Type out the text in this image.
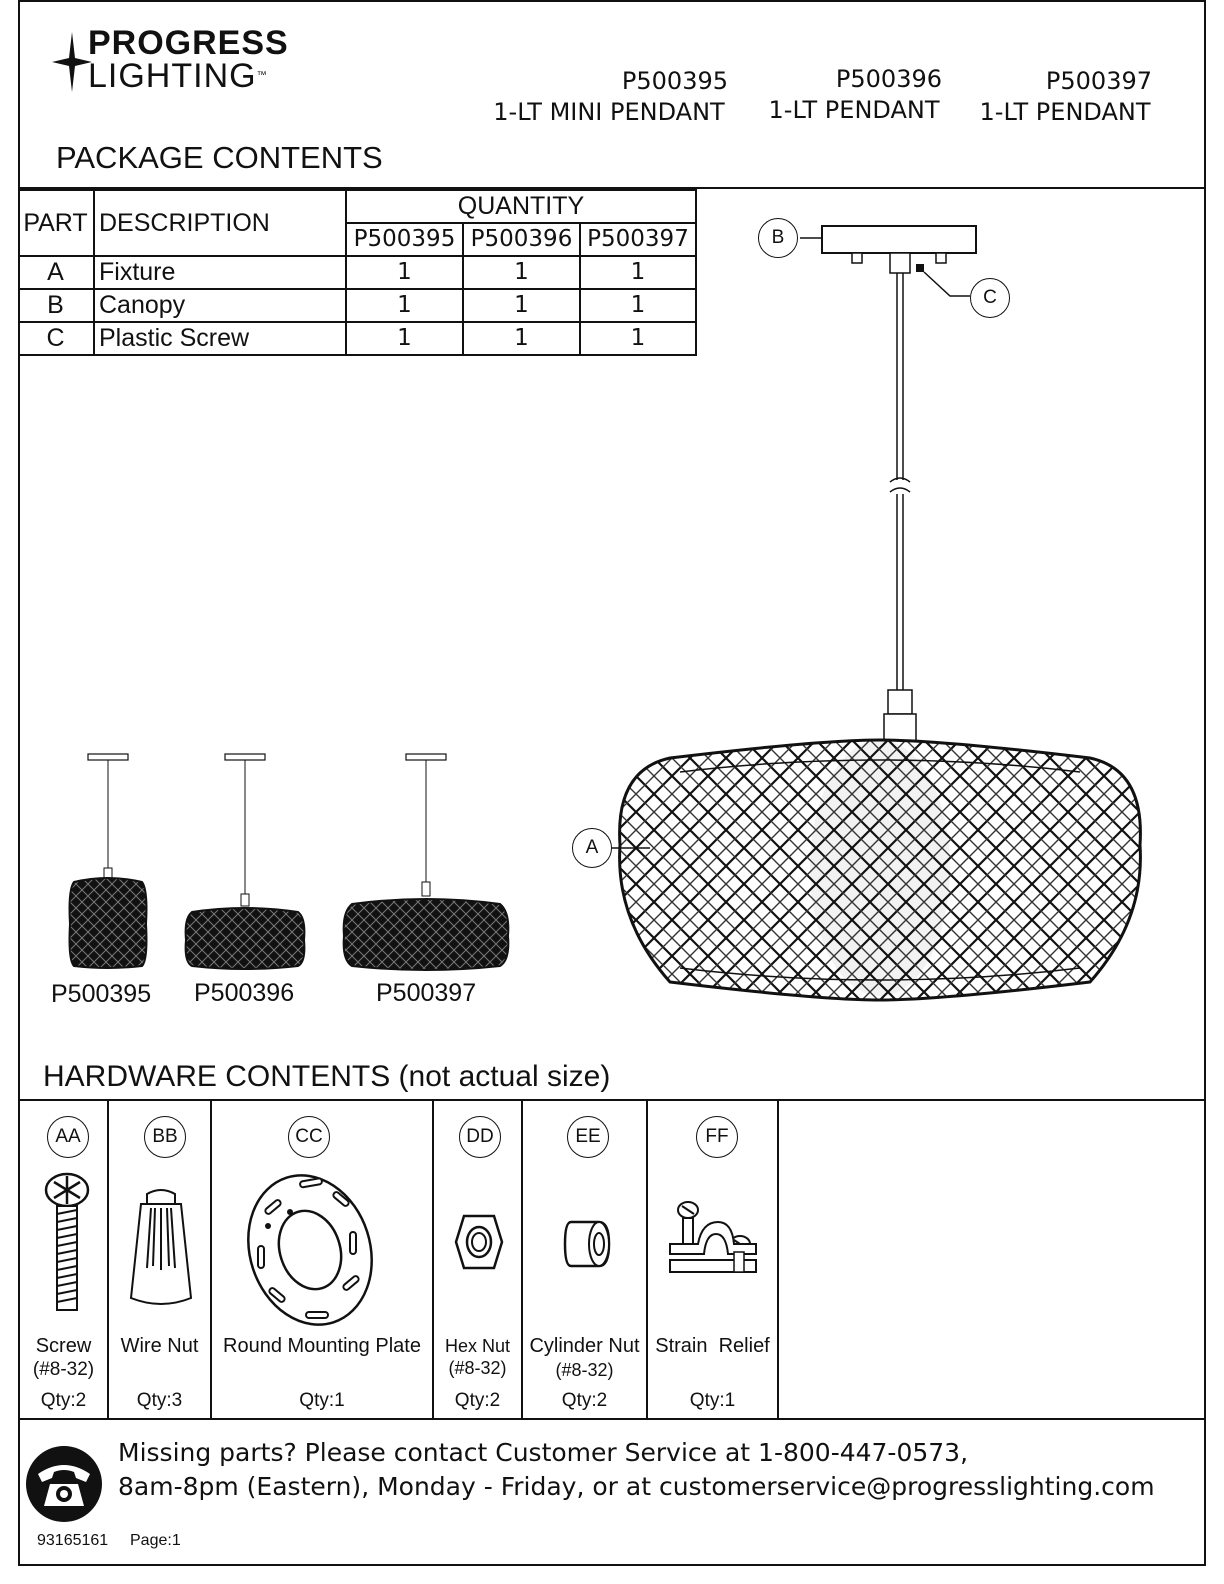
PROGRESS
LIGHTING™	P500395
1-LT MINI PENDANT
P500396
1-LT PENDANT
P500397
1-LT PENDANT
PACKAGE CONTENTS
PART	DESCRIPTION	QUANTITY		
		P500395	P500396	P500397
A	Fixture	1	1	1
B	Canopy	1	1	1
C	Plastic Screw	1	1	1
B
C
A
P500395 P500396	P500397
HARDWARE CONTENTS (not actual size)
AA
Screw
(#8-32)
Qty:2
BB
Wire Nut
Qty:3
CC
Round Mounting Plate
Qty:1
DD
Hex Nut
(#8-32)
Qty:2
EE
Cylinder Nut
(#8-32)
Qty:2
FF
Strain  Relief
Qty:1
Missing parts? Please contact Customer Service at 1-800-447-0573,
8am-8pm (Eastern), Monday - Friday, or at customerservice@progresslighting.com
93165161 Page:1
